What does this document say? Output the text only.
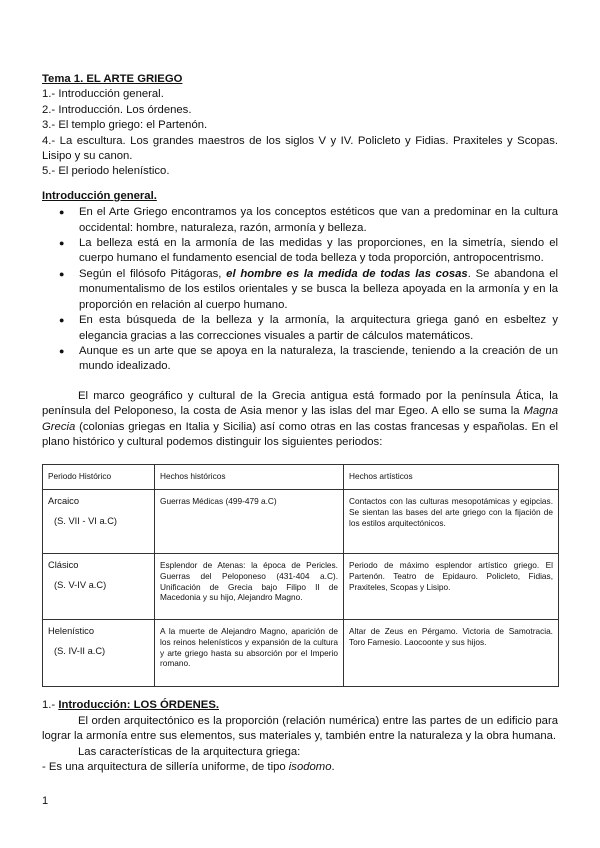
Tema 1. EL ARTE GRIEGO
1.- Introducción general.
2.- Introducción. Los órdenes.
3.- El templo griego: el Partenón.
4.- La escultura. Los grandes maestros de los siglos V y IV. Policleto y Fidias. Praxiteles y Scopas. Lisipo y su canon.
5.- El periodo helenístico.
Introducción general.
● En el Arte Griego encontramos ya los conceptos estéticos que van a predominar en la cultura occidental: hombre, naturaleza, razón, armonía y belleza.
● La belleza está en la armonía de las medidas y las proporciones, en la simetría, siendo el cuerpo humano el fundamento esencial de toda belleza y toda proporción, antropocentrismo.
● Según el filósofo Pitágoras, el hombre es la medida de todas las cosas. Se abandona el monumentalismo de los estilos orientales y se busca la belleza apoyada en la armonía y en la proporción en relación al cuerpo humano.
● En esta búsqueda de la belleza y la armonía, la arquitectura griega ganó en esbeltez y elegancia gracias a las correcciones visuales a partir de cálculos matemáticos.
● Aunque es un arte que se apoya en la naturaleza, la trasciende, teniendo a la creación de un mundo idealizado.
El marco geográfico y cultural de la Grecia antigua está formado por la península Ática, la península del Peloponeso, la costa de Asia menor y las islas del mar Egeo. A ello se suma la Magna Grecia (colonias griegas en Italia y Sicilia) así como otras en las costas francesas y españolas. En el plano histórico y cultural podemos distinguir los siguientes periodos:
Periodo Histórico	Hechos históricos	Hechos artísticos

Arcaico
(S. VII - VI a.C)	Guerras Médicas (499-479 a.C)	Contactos con las culturas mesopotámicas y egipcias. Se sientan las bases del arte griego con la fijación de los estilos arquitectónicos.

Clásico
(S. V-IV a.C)	Esplendor de Atenas: la época de Pericles. Guerras del Peloponeso (431-404 a.C). Unificación de Grecia bajo Filipo II de Macedonia y su hijo, Alejandro Magno.	Periodo de máximo esplendor artístico griego. El Partenón. Teatro de Epidauro. Policleto, Fidias, Praxiteles, Scopas y Lisipo.

Helenístico
(S. IV-II a.C)	A la muerte de Alejandro Magno, aparición de los reinos helenísticos y expansión de la cultura y arte griego hasta su absorción por el Imperio romano.	Altar de Zeus en Pérgamo. Victoria de Samotracia. Toro Farnesio. Laocoonte y sus hijos.
1.- Introducción: LOS ÓRDENES.
El orden arquitectónico es la proporción (relación numérica) entre las partes de un edificio para lograr la armonía entre sus elementos, sus materiales y, también entre la naturaleza y la obra humana.
Las características de la arquitectura griega:
- Es una arquitectura de sillería uniforme, de tipo isodomo.
1
